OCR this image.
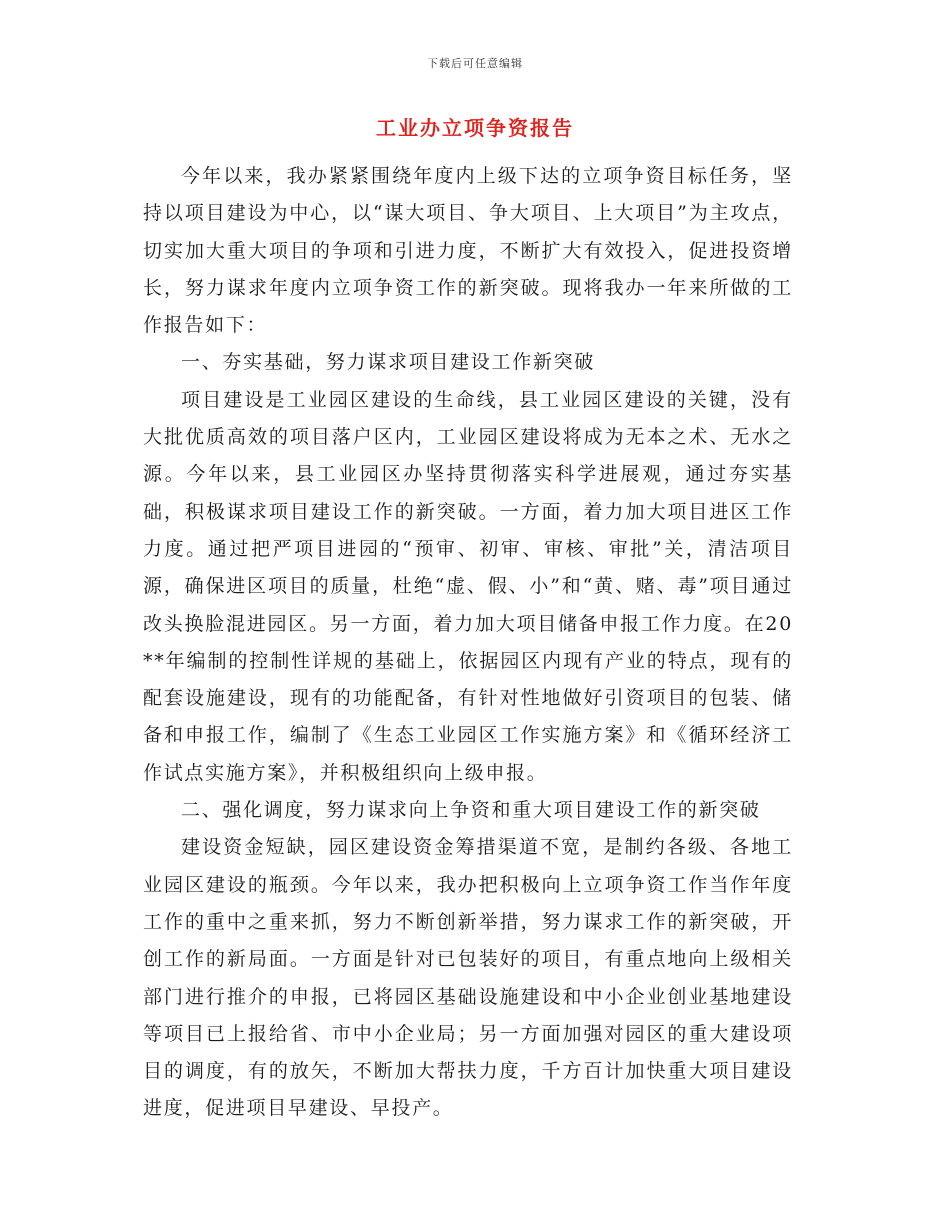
下载后可任意编辑
工业办立项争资报告

今年以来，我办紧紧围绕年度内上级下达的立项争资目标任务，坚持以项目建设为中心，以“谋大项目、争大项目、上大项目”为主攻点，切实加大重大项目的争项和引进力度，不断扩大有效投入，促进投资增长，努力谋求年度内立项争资工作的新突破。现将我办一年来所做的工作报告如下：

一、夯实基础，努力谋求项目建设工作新突破

项目建设是工业园区建设的生命线，县工业园区建设的关键，没有大批优质高效的项目落户区内，工业园区建设将成为无本之术、无水之源。今年以来，县工业园区办坚持贯彻落实科学进展观，通过夯实基础，积极谋求项目建设工作的新突破。一方面，着力加大项目进区工作力度。通过把严项目进园的“预审、初审、审核、审批”关，清洁项目源，确保进区项目的质量，杜绝“虚、假、小”和“黄、赌、毒”项目通过改头换脸混进园区。另一方面，着力加大项目储备申报工作力度。在20**年编制的控制性详规的基础上，依据园区内现有产业的特点，现有的配套设施建设，现有的功能配备，有针对性地做好引资项目的包装、储备和申报工作，编制了《生态工业园区工作实施方案》和《循环经济工作试点实施方案》，并积极组织向上级申报。

二、强化调度，努力谋求向上争资和重大项目建设工作的新突破

建设资金短缺，园区建设资金筹措渠道不宽，是制约各级、各地工业园区建设的瓶颈。今年以来，我办把积极向上立项争资工作当作年度工作的重中之重来抓，努力不断创新举措，努力谋求工作的新突破，开创工作的新局面。一方面是针对已包装好的项目，有重点地向上级相关部门进行推介的申报，已将园区基础设施建设和中小企业创业基地建设等项目已上报给省、市中小企业局；另一方面加强对园区的重大建设项目的调度，有的放矢，不断加大帮扶力度，千方百计加快重大项目建设进度，促进项目早建设、早投产。
